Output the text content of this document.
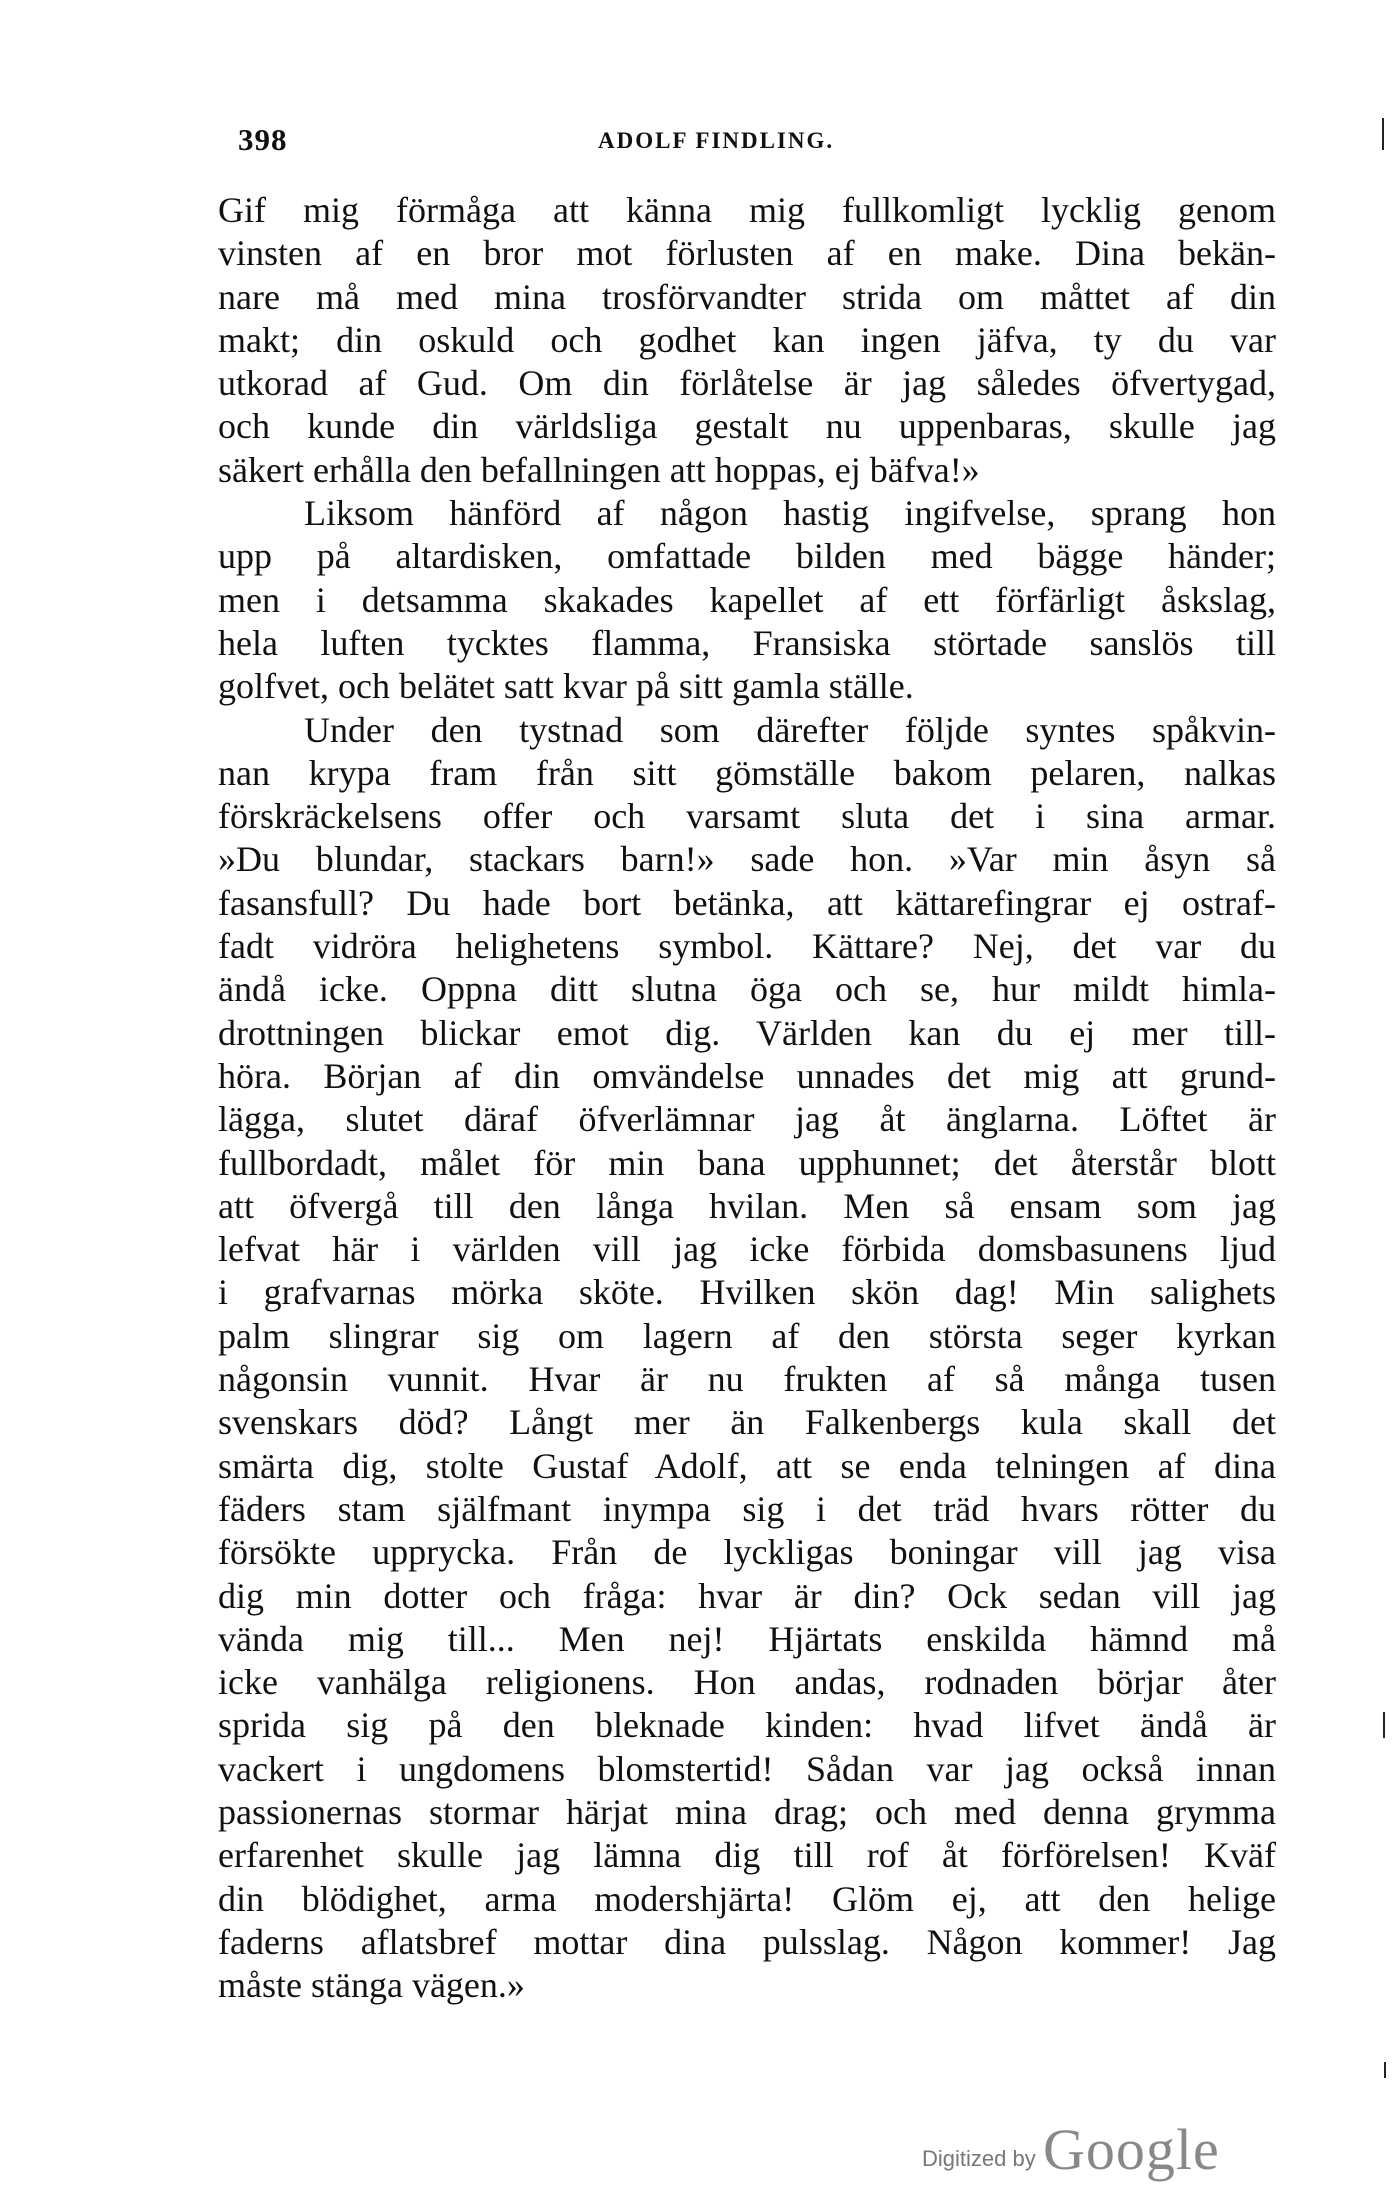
398	ADOLF FINDLING.
Gif mig förmåga att känna mig fullkomligt lycklig genom
vinsten af en bror mot förlusten af en make. Dina bekän-
nare må med mina trosförvandter strida om måttet af din
makt; din oskuld och godhet kan ingen jäfva, ty du var
utkorad af Gud. Om din förlåtelse är jag således öfvertygad,
och kunde din världsliga gestalt nu uppenbaras, skulle jag
säkert erhålla den befallningen att hoppas, ej bäfva!»
Liksom hänförd af någon hastig ingifvelse, sprang hon
upp på altardisken, omfattade bilden med bägge händer;
men i detsamma skakades kapellet af ett förfärligt åskslag,
hela luften tycktes flamma, Fransiska störtade sanslös till
golfvet, och belätet satt kvar på sitt gamla ställe.
Under den tystnad som därefter följde syntes spåkvin-
nan krypa fram från sitt gömställe bakom pelaren, nalkas
förskräckelsens offer och varsamt sluta det i sina armar.
»Du blundar, stackars barn!» sade hon. »Var min åsyn så
fasansfull? Du hade bort betänka, att kättarefingrar ej ostraf-
fadt vidröra helighetens symbol. Kättare? Nej, det var du
ändå icke. Oppna ditt slutna öga och se, hur mildt himla-
drottningen blickar emot dig. Världen kan du ej mer till-
höra. Början af din omvändelse unnades det mig att grund-
lägga, slutet däraf öfverlämnar jag åt änglarna. Löftet är
fullbordadt, målet för min bana upphunnet; det återstår blott
att öfvergå till den långa hvilan. Men så ensam som jag
lefvat här i världen vill jag icke förbida domsbasunens ljud
i grafvarnas mörka sköte. Hvilken skön dag! Min salighets
palm slingrar sig om lagern af den största seger kyrkan
någonsin vunnit. Hvar är nu frukten af så många tusen
svenskars död? Långt mer än Falkenbergs kula skall det
smärta dig, stolte Gustaf Adolf, att se enda telningen af dina
fäders stam själfmant inympa sig i det träd hvars rötter du
försökte upprycka. Från de lyckligas boningar vill jag visa
dig min dotter och fråga: hvar är din? Ock sedan vill jag
vända mig till... Men nej! Hjärtats enskilda hämnd må
icke vanhälga religionens. Hon andas, rodnaden börjar åter
sprida sig på den bleknade kinden: hvad lifvet ändå är
vackert i ungdomens blomstertid! Sådan var jag också innan
passionernas stormar härjat mina drag; och med denna grymma
erfarenhet skulle jag lämna dig till rof åt förförelsen! Kväf
din blödighet, arma modershjärta! Glöm ej, att den helige
faderns aflatsbref mottar dina pulsslag. Någon kommer! Jag
måste stänga vägen.»
Digitized by Google
